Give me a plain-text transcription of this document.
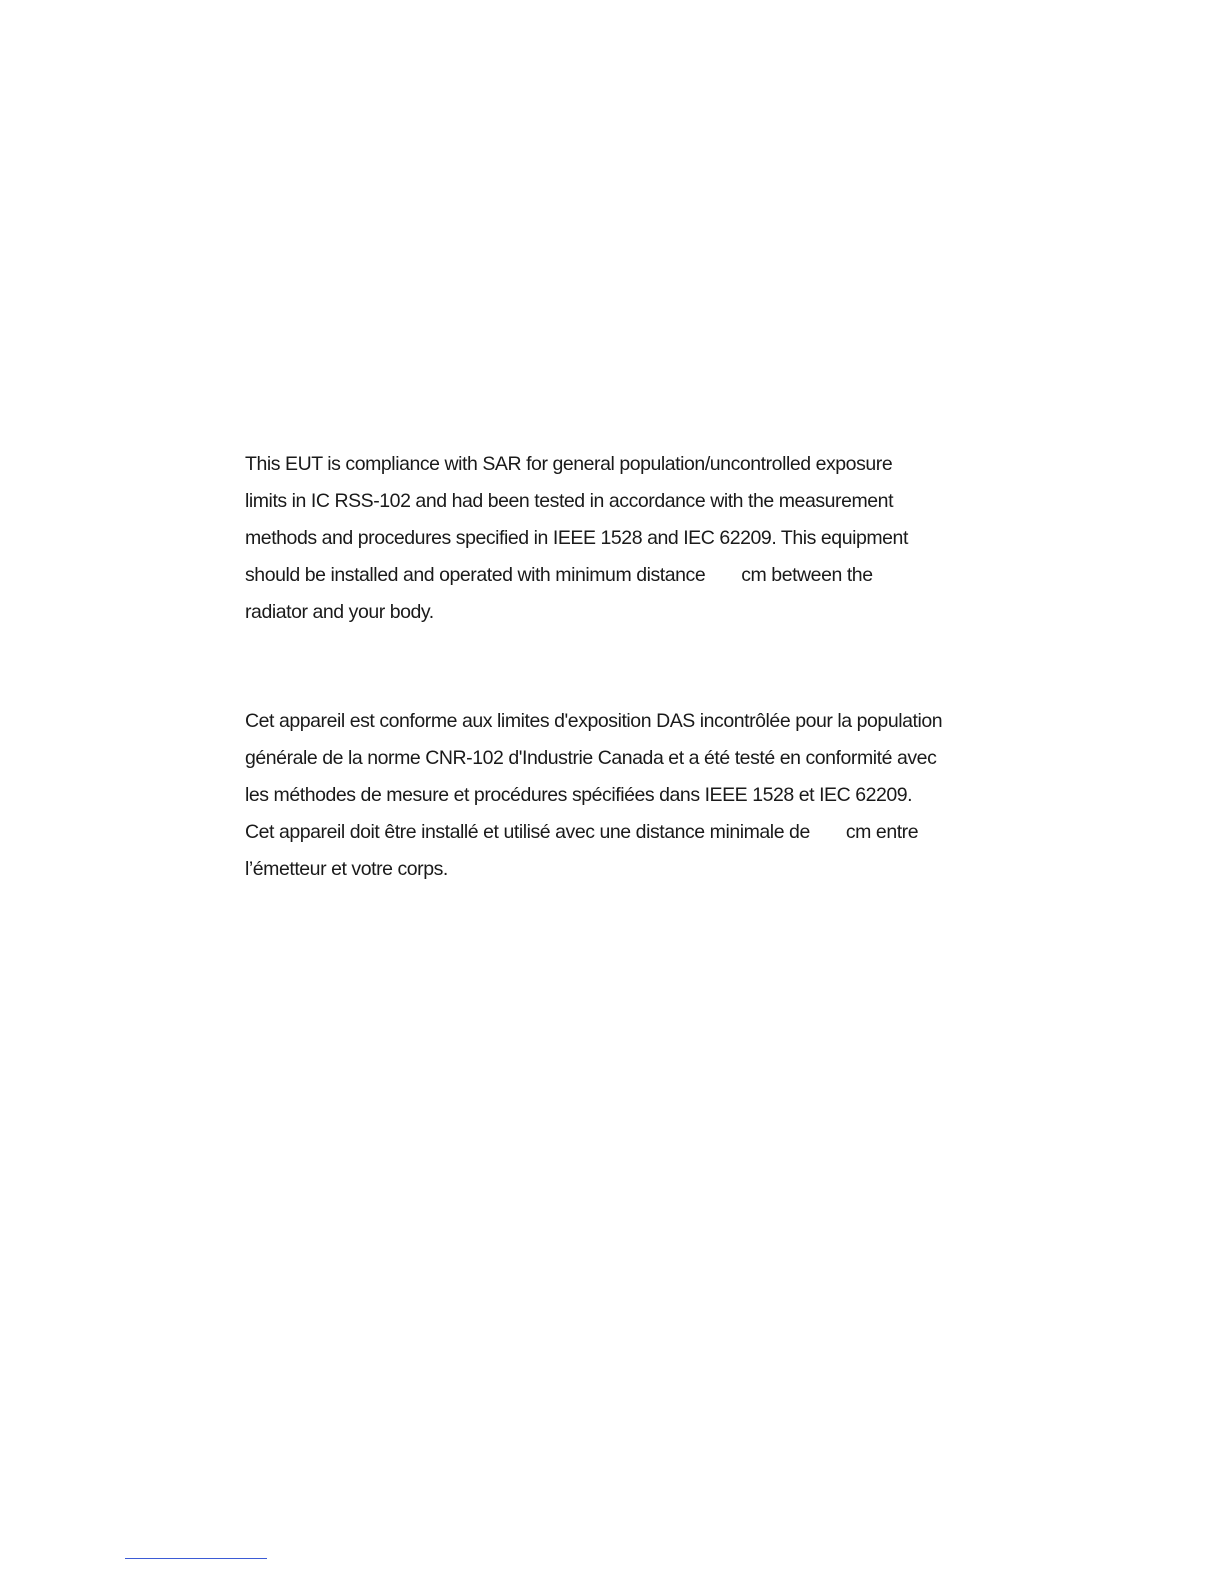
This EUT is compliance with SAR for general population/uncontrolled exposure
limits in IC RSS-102 and had been tested in accordance with the measurement
methods and procedures specified in IEEE 1528 and IEC 62209. This equipment
should be installed and operated with minimum distance cm between the
radiator and your body.
Cet appareil est conforme aux limites d'exposition DAS incontrôlée pour la population
générale de la norme CNR-102 d'Industrie Canada et a été testé en conformité avec
les méthodes de mesure et procédures spécifiées dans IEEE 1528 et IEC 62209.
Cet appareil doit être installé et utilisé avec une distance minimale de cm entre
l’émetteur et votre corps.
